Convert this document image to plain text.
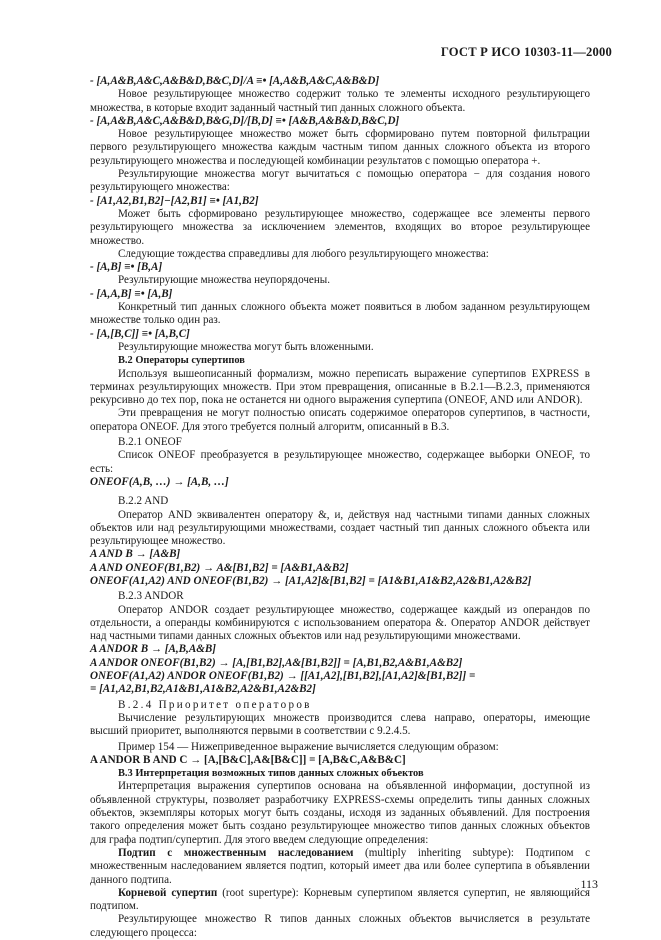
ГОСТ Р ИСО 10303-11—2000

- [A,A&B,A&C,A&B&D,B&C,D]/A ≡• [A,A&B,A&C,A&B&D]

Новое результирующее множество содержит только те элементы исходного результирующего множества, в которые входит заданный частный тип данных сложного объекта.

- [A,A&B,A&C,A&B&D,B&G,D]/[B,D] ≡• [A&B,A&B&D,B&C,D]

Новое результирующее множество может быть сформировано путем повторной фильтрации первого результирующего множества каждым частным типом данных сложного объекта из второго результирующего множества и последующей комбинации результатов с помощью оператора +.

Результирующие множества могут вычитаться с помощью оператора − для создания нового результирующего множества:

- [A1,A2,B1,B2]−[A2,B1] ≡• [A1,B2]

Может быть сформировано результирующее множество, содержащее все элементы первого результирующего множества за исключением элементов, входящих во второе результирующее множество.

Следующие тождества справедливы для любого результирующего множества:

- [A,B] ≡• [B,A]

Результирующие множества неупорядочены.

- [A,A,B] ≡• [A,B]

Конкретный тип данных сложного объекта может появиться в любом заданном результирующем множестве только один раз.

- [A,[B,C]] ≡• [A,B,C]

Результирующие множества могут быть вложенными.

B.2 Операторы супертипов

Используя вышеописанный формализм, можно переписать выражение супертипов EXPRESS в терминах результирующих множеств. При этом превращения, описанные в B.2.1—B.2.3, применяются рекурсивно до тех пор, пока не останется ни одного выражения супертипа (ONEOF, AND или ANDOR).

Эти превращения не могут полностью описать содержимое операторов супертипов, в частности, оператора ONEOF. Для этого требуется полный алгоритм, описанный в B.3.

B.2.1 ONEOF

Список ONEOF преобразуется в результирующее множество, содержащее выборки ONEOF, то есть:

ONEOF(A,B, …) → [A,B, …]

B.2.2 AND

Оператор AND эквивалентен оператору &, и, действуя над частными типами данных сложных объектов или над результирующими множествами, создает частный тип данных сложного объекта или результирующее множество.

A AND B → [A&B]

A AND ONEOF(B1,B2) → A&[B1,B2] = [A&B1,A&B2]

ONEOF(A1,A2) AND ONEOF(B1,B2) → [A1,A2]&[B1,B2] = [A1&B1,A1&B2,A2&B1,A2&B2]

B.2.3 ANDOR

Оператор ANDOR создает результирующее множество, содержащее каждый из операндов по отдельности, а операнды комбинируются с использованием оператора &. Оператор ANDOR действует над частными типами данных сложных объектов или над результирующими множествами.

A ANDOR B → [A,B,A&B]

A ANDOR ONEOF(B1,B2) → [A,[B1,B2],A&[B1,B2]] = [A,B1,B2,A&B1,A&B2]

ONEOF(A1,A2) ANDOR ONEOF(B1,B2) → [[A1,A2],[B1,B2],[A1,A2]&[B1,B2]] =

= [A1,A2,B1,B2,A1&B1,A1&B2,A2&B1,A2&B2]

B.2.4 Приоритет операторов

Вычисление результирующих множеств производится слева направо, операторы, имеющие высший приоритет, выполняются первыми в соответствии с 9.2.4.5.

Пример 154 — Нижеприведенное выражение вычисляется следующим образом:

A ANDOR B AND C → [A,[B&C],A&[B&C]] = [A,B&C,A&B&C]

B.3 Интерпретация возможных типов данных сложных объектов

Интерпретация выражения супертипов основана на объявленной информации, доступной из объявленной структуры, позволяет разработчику EXPRESS-схемы определить типы данных сложных объектов, экземпляры которых могут быть созданы, исходя из заданных объявлений. Для построения такого определения может быть создано результирующее множество типов данных сложных объектов для графа подтип/супертип. Для этого введем следующие определения:

Подтип с множественным наследованием (multiply inheriting subtype): Подтипом с множественным наследованием является подтип, который имеет два или более супертипа в объявлении данного подтипа.

Корневой супертип (root supertype): Корневым супертипом является супертип, не являющийся подтипом.

Результирующее множество R типов данных сложных объектов вычисляется в результате следующего процесса:

113
